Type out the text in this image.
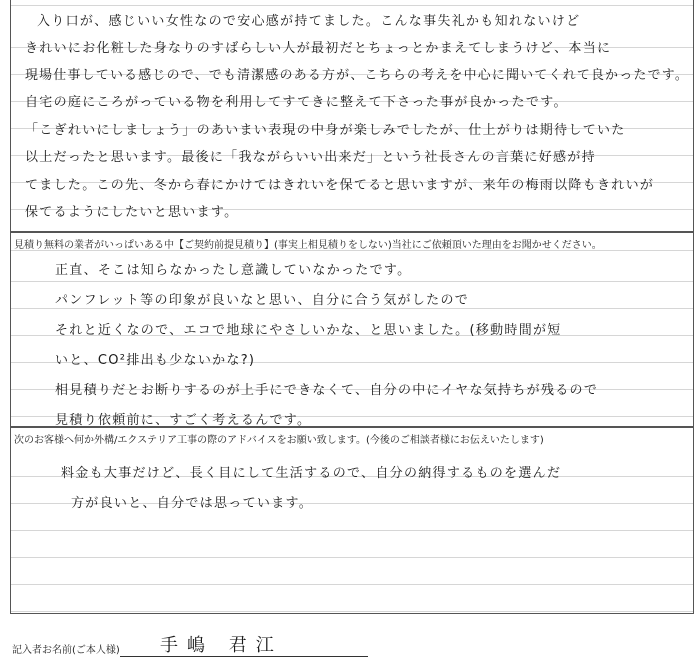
入り口が、感じいい女性なので安心感が持てました。こんな事失礼かも知れないけど
きれいにお化粧した身なりのすばらしい人が最初だとちょっとかまえてしまうけど、本当に
現場仕事している感じので、でも清潔感のある方が、こちらの考えを中心に聞いてくれて良かったです。
自宅の庭にころがっている物を利用してすてきに整えて下さった事が良かったです。
「こぎれいにしましょう」のあいまい表現の中身が楽しみでしたが、仕上がりは期待していた
以上だったと思います。最後に「我ながらいい出来だ」という社長さんの言葉に好感が持
てました。この先、冬から春にかけてはきれいを保てると思いますが、来年の梅雨以降もきれいが
保てるようにしたいと思います。
見積り無料の業者がいっぱいある中【ご契約前提見積り】(事実上相見積りをしない)当社にご依頼頂いた理由をお聞かせください。
正直、そこは知らなかったし意識していなかったです。
パンフレット等の印象が良いなと思い、自分に合う気がしたので
それと近くなので、エコで地球にやさしいかな、と思いました。(移動時間が短
いと、CO²排出も少ないかな?)
相見積りだとお断りするのが上手にできなくて、自分の中にイヤな気持ちが残るので
見積り依頼前に、すごく考えるんです。
次のお客様へ何か外構/エクステリア工事の際のアドバイスをお願い致します。(今後のご相談者様にお伝えいたします)
料金も大事だけど、長く目にして生活するので、自分の納得するものを選んだ
方が良いと、自分では思っています。
記入者お名前(ご本人様) 手嶋 君江
